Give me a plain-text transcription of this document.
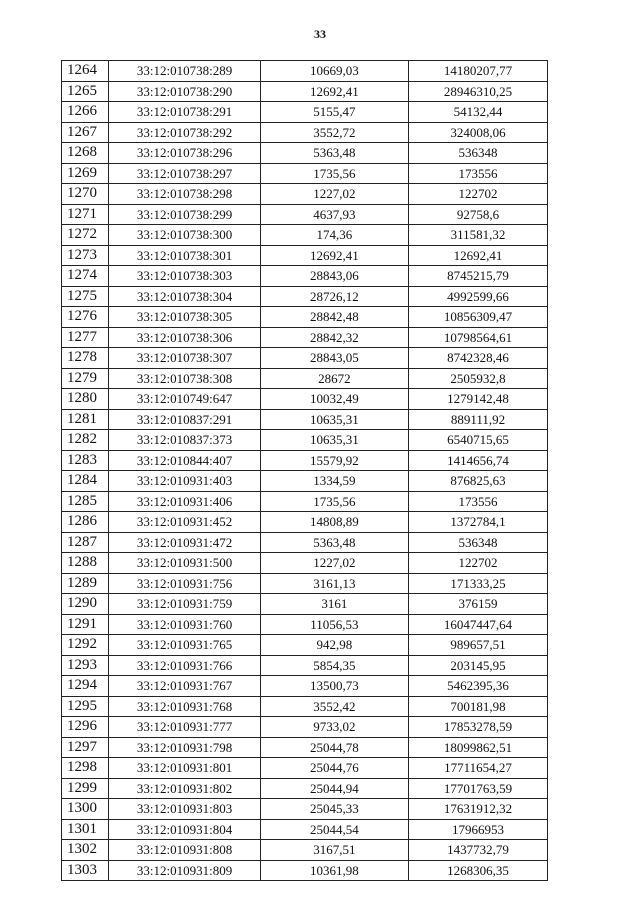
33
1264	33:12:010738:289	10669,03	14180207,77
1265	33:12:010738:290	12692,41	28946310,25
1266	33:12:010738:291	5155,47	54132,44
1267	33:12:010738:292	3552,72	324008,06
1268	33:12:010738:296	5363,48	536348
1269	33:12:010738:297	1735,56	173556
1270	33:12:010738:298	1227,02	122702
1271	33:12:010738:299	4637,93	92758,6
1272	33:12:010738:300	174,36	311581,32
1273	33:12:010738:301	12692,41	12692,41
1274	33:12:010738:303	28843,06	8745215,79
1275	33:12:010738:304	28726,12	4992599,66
1276	33:12:010738:305	28842,48	10856309,47
1277	33:12:010738:306	28842,32	10798564,61
1278	33:12:010738:307	28843,05	8742328,46
1279	33:12:010738:308	28672	2505932,8
1280	33:12:010749:647	10032,49	1279142,48
1281	33:12:010837:291	10635,31	889111,92
1282	33:12:010837:373	10635,31	6540715,65
1283	33:12:010844:407	15579,92	1414656,74
1284	33:12:010931:403	1334,59	876825,63
1285	33:12:010931:406	1735,56	173556
1286	33:12:010931:452	14808,89	1372784,1
1287	33:12:010931:472	5363,48	536348
1288	33:12:010931:500	1227,02	122702
1289	33:12:010931:756	3161,13	171333,25
1290	33:12:010931:759	3161	376159
1291	33:12:010931:760	11056,53	16047447,64
1292	33:12:010931:765	942,98	989657,51
1293	33:12:010931:766	5854,35	203145,95
1294	33:12:010931:767	13500,73	5462395,36
1295	33:12:010931:768	3552,42	700181,98
1296	33:12:010931:777	9733,02	17853278,59
1297	33:12:010931:798	25044,78	18099862,51
1298	33:12:010931:801	25044,76	17711654,27
1299	33:12:010931:802	25044,94	17701763,59
1300	33:12:010931:803	25045,33	17631912,32
1301	33:12:010931:804	25044,54	17966953
1302	33:12:010931:808	3167,51	1437732,79
1303	33:12:010931:809	10361,98	1268306,35
